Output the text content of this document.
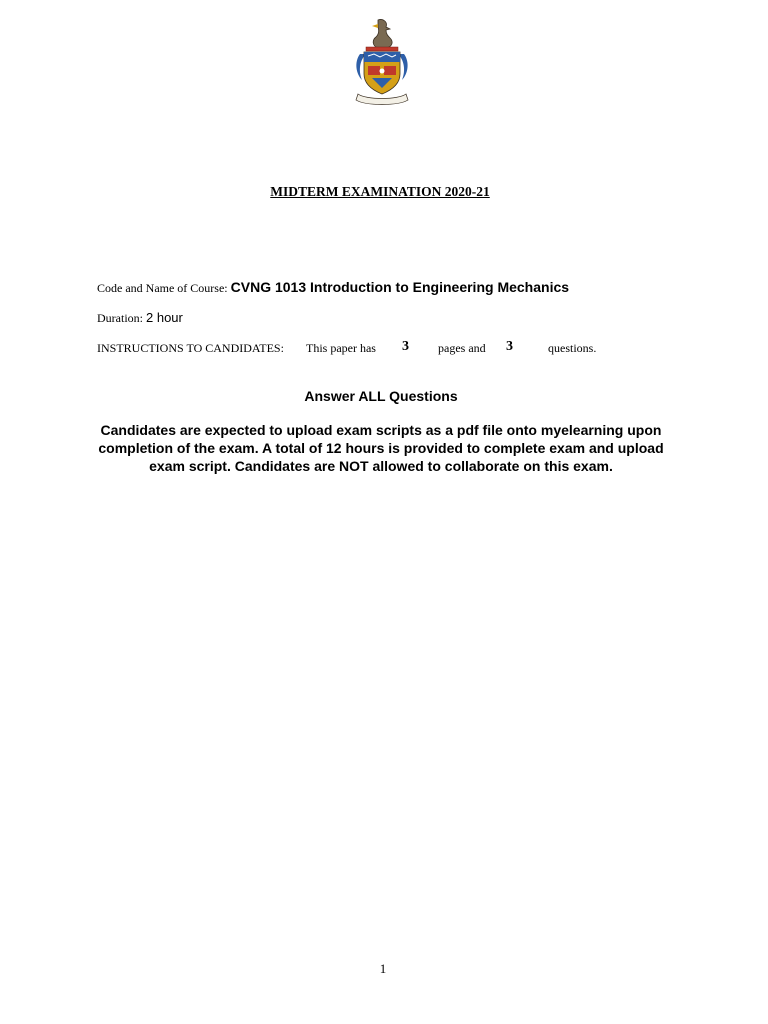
MIDTERM EXAMINATION 2020-21
Code and Name of Course: CVNG 1013 Introduction to Engineering Mechanics
Duration: 2 hour
INSTRUCTIONS TO CANDIDATES: This paper has 3 pages and 3	questions.
Answer ALL Questions
Candidates are expected to upload exam scripts as a pdf file onto myelearning upon completion of the exam. A total of 12 hours is provided to complete exam and upload exam script. Candidates are NOT allowed to collaborate on this exam.
1
